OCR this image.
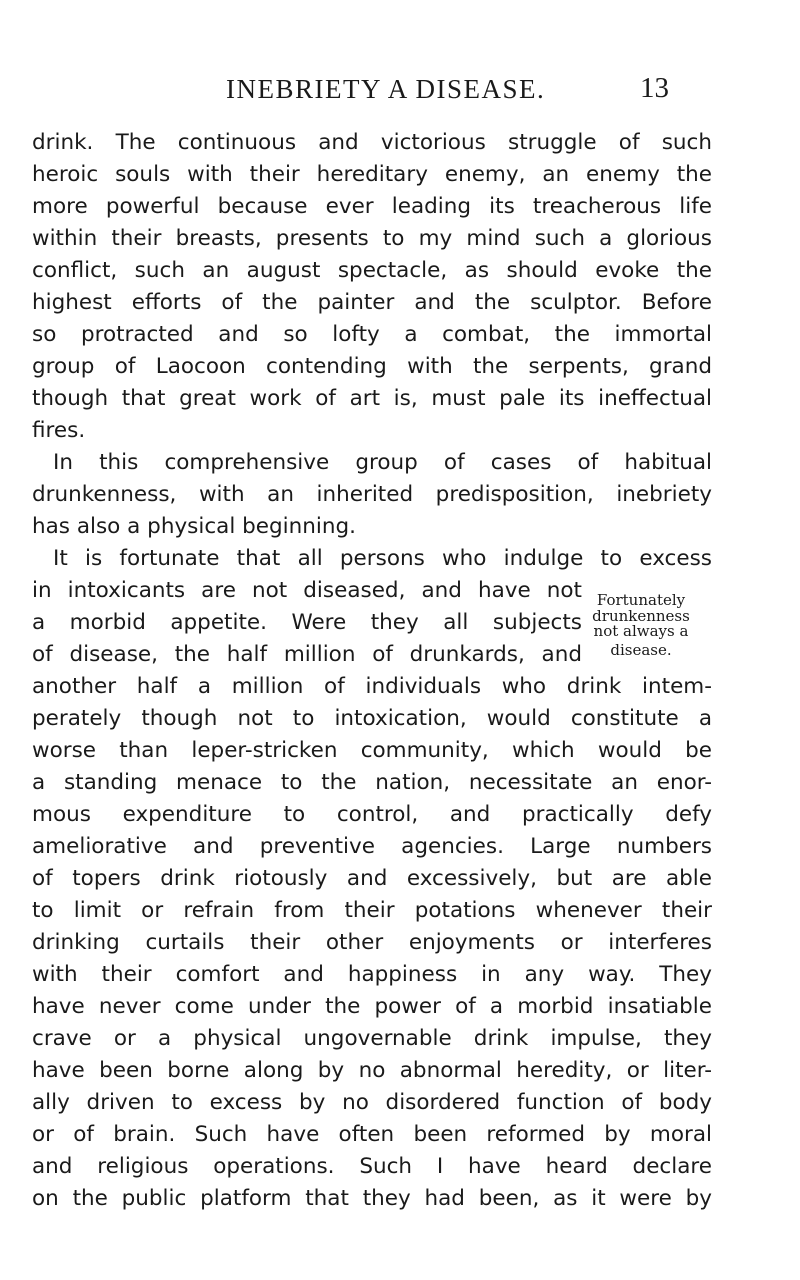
INEBRIETY A DISEASE.	13
drink. The continuous and victorious struggle of such
heroic souls with their hereditary enemy, an enemy the
more powerful because ever leading its treacherous life
within their breasts, presents to my mind such a glorious
conflict, such an august spectacle, as should evoke the
highest efforts of the painter and the sculptor. Before
so protracted and so lofty a combat, the immortal
group of Laocoon contending with the serpents, grand
though that great work of art is, must pale its ineffectual
fires.
In this comprehensive group of cases of habitual
drunkenness, with an inherited predisposition, inebriety
has also a physical beginning.
It is fortunate that all persons who indulge to excess
in intoxicants are not diseased, and have not
a morbid appetite. Were they all subjects
of disease, the half million of drunkards, and
another half a million of individuals who drink intem-
perately though not to intoxication, would constitute a
worse than leper-stricken community, which would be
a standing menace to the nation, necessitate an enor-
mous expenditure to control, and practically defy
ameliorative and preventive agencies. Large numbers
of topers drink riotously and excessively, but are able
to limit or refrain from their potations whenever their
drinking curtails their other enjoyments or interferes
with their comfort and happiness in any way. They
have never come under the power of a morbid insatiable
crave or a physical ungovernable drink impulse, they
have been borne along by no abnormal heredity, or liter-
ally driven to excess by no disordered function of body
or of brain. Such have often been reformed by moral
and religious operations. Such I have heard declare
on the public platform that they had been, as it were by
Fortunately
drunkenness
not always a
disease.
